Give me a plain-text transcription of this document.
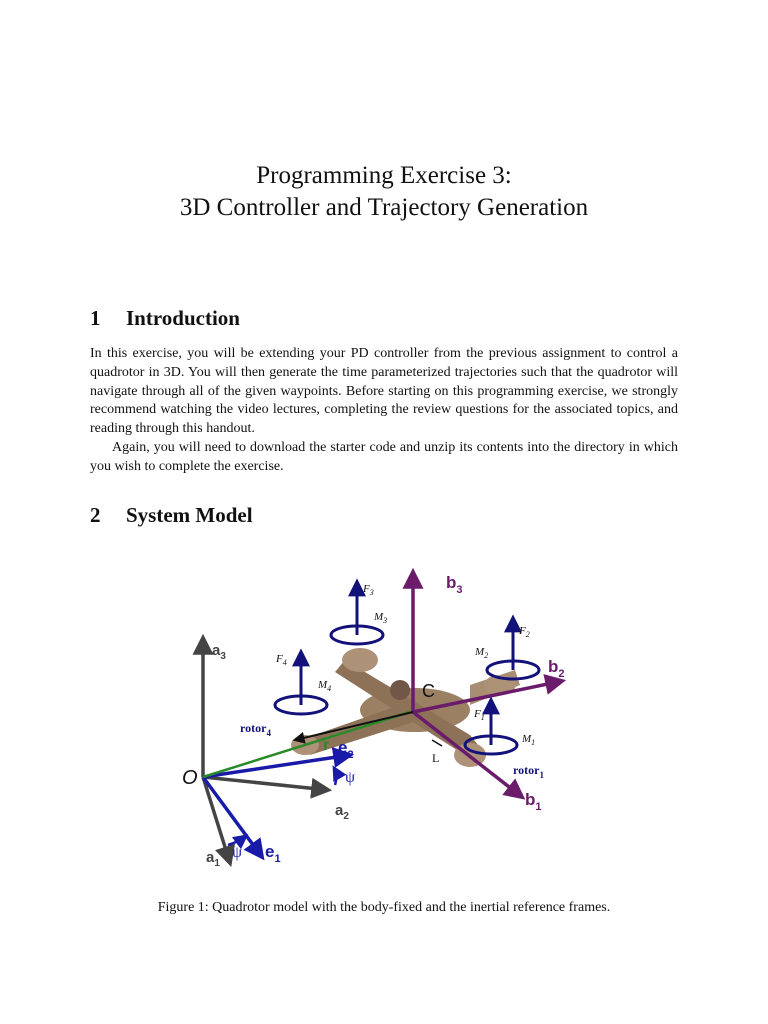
Programming Exercise 3:
3D Controller and Trajectory Generation
1 Introduction

In this exercise, you will be extending your PD controller from the previous assignment to control a quadrotor in 3D. You will then generate the time parameterized trajectories such that the quadrotor will navigate through all of the given waypoints. Before starting on this programming exercise, we strongly recommend watching the video lectures, completing the review questions for the associated topics, and reading through this handout.

Again, you will need to download the starter code and unzip its contents into the directory in which you wish to complete the exercise.

2 System Model
$b_3$
$b_2$
$b_1$
$a_3$
$a_2$
$a_1$
$e_2$
$e_1$
r
O
C
ψ
ψ
L
$F_3$
$M_3$
$F_2$
$M_2$
$F_4$
$M_4$
$F_1$
$M_1$
rotor$_4$
rotor$_1$
Figure 1: Quadrotor model with the body-fixed and the inertial reference frames.
